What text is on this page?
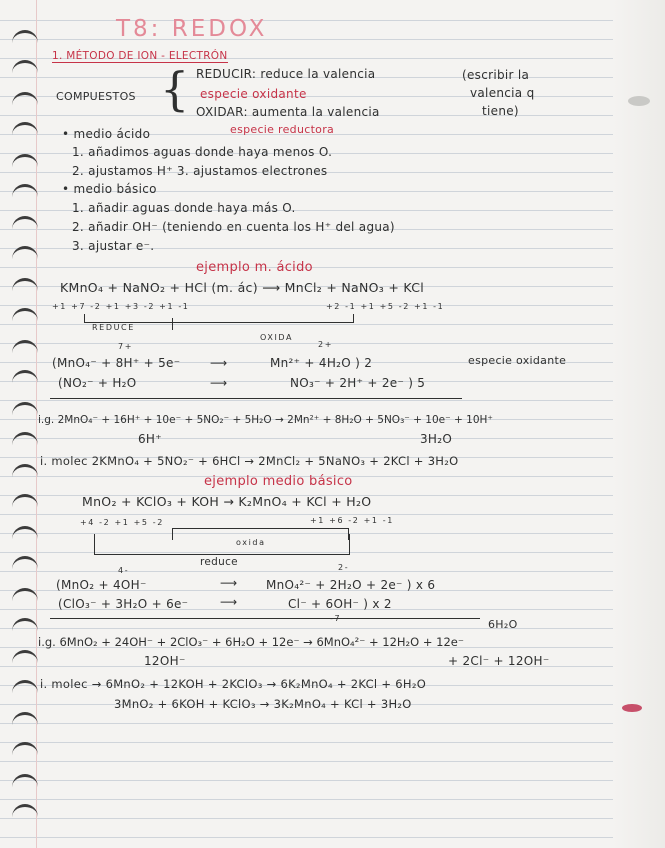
T8: REDOX
1. MÉTODO DE ION - ELECTRÓN
COMPUESTOS { REDUCIR: reduce la valencia
especie oxidante
OXIDAR: aumenta la valencia
especie reductora
(escribir la
valencia q
tiene)
• medio ácido
1. añadimos aguas donde haya menos O.
2. ajustamos H⁺ 3. ajustamos electrones
• medio básico
1. añadir aguas donde haya más O.
2. añadir OH⁻ (teniendo en cuenta los H⁺ del agua)
3. ajustar e⁻.
ejemplo m. ácido
KMnO₄ + NaNO₂ + HCl (m. ác) ⟶ MnCl₂ + NaNO₃ + KCl
+1 +7 -2 +1 +3 -2 +1 -1	+2 -1 +1 +5 -2 +1 -1
REDUCE
OXIDA
7+	2+
(MnO₄⁻ + 8H⁺ + 5e⁻ ⟶	Mn²⁺ + 4H₂O ) 2	especie oxidante
(NO₂⁻ + H₂O	⟶	NO₃⁻ + 2H⁺ + 2e⁻ ) 5
i.g. 2MnO₄⁻ + 16H⁺ + 10e⁻ + 5NO₂⁻ + 5H₂O → 2Mn²⁺ + 8H₂O + 5NO₃⁻ + 10e⁻ + 10H⁺
6H⁺	3H₂O
i. molec 2KMnO₄ + 5NO₂⁻ + 6HCl → 2MnCl₂ + 5NaNO₃ + 2KCl + 3H₂O
ejemplo medio básico
MnO₂ + KClO₃ + KOH → K₂MnO₄ + KCl + H₂O
+4 -2 +1 +5 -2	+1 +6 -2 +1 -1
oxida
reduce
4-	2-
(MnO₂ + 4OH⁻	⟶ MnO₄²⁻ + 2H₂O + 2e⁻ ) x 6
(ClO₃⁻ + 3H₂O + 6e⁻	⟶	Cl⁻ + 6OH⁻ ) x 2
-7	6H₂O
i.g. 6MnO₂ + 24OH⁻ + 2ClO₃⁻ + 6H₂O + 12e⁻ → 6MnO₄²⁻ + 12H₂O + 12e⁻
12OH⁻	+ 2Cl⁻ + 12OH⁻
i. molec → 6MnO₂ + 12KOH + 2KClO₃ → 6K₂MnO₄ + 2KCl + 6H₂O
3MnO₂ + 6KOH + KClO₃ → 3K₂MnO₄ + KCl + 3H₂O
